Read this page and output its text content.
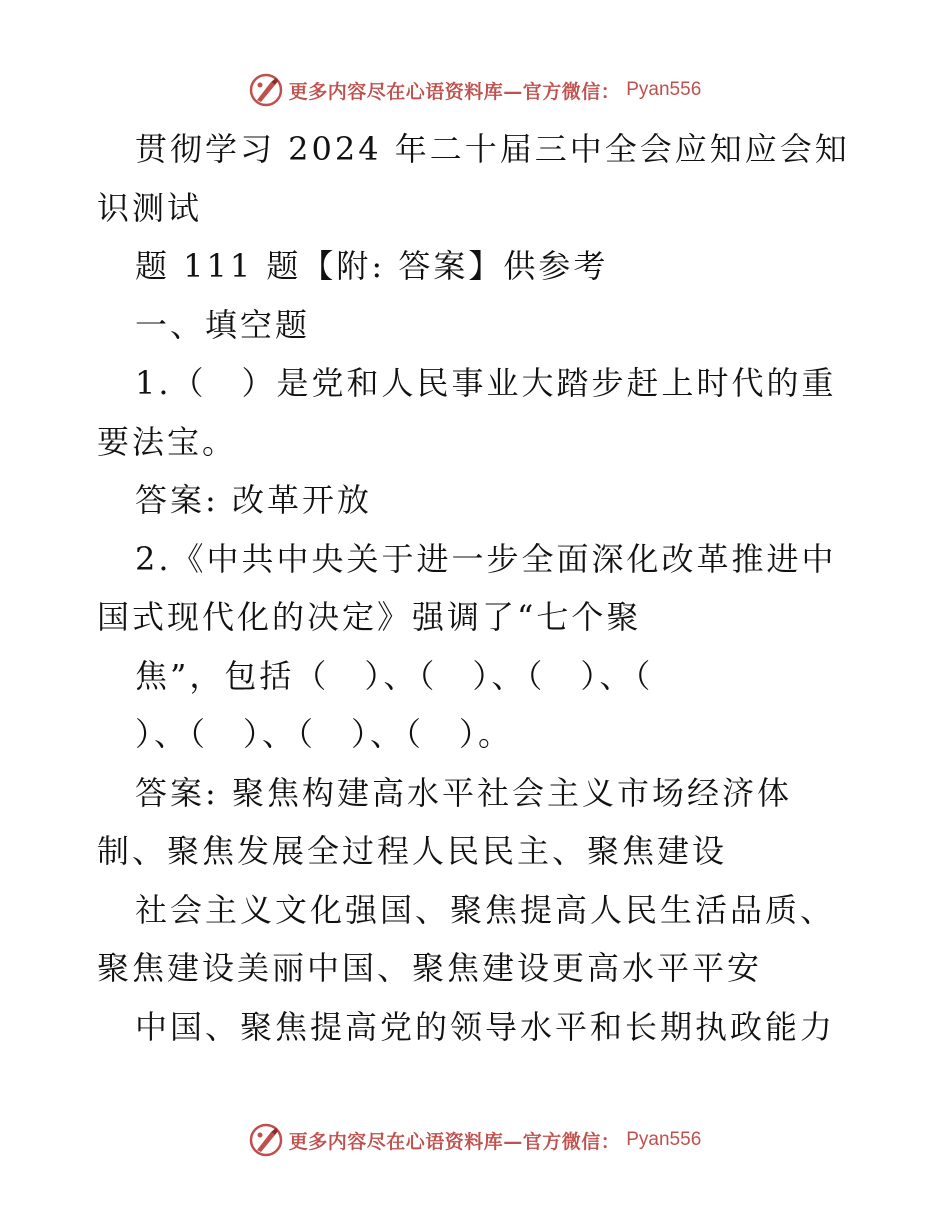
更多内容尽在心语资料库—官方微信： Pyan556

贯彻学习 2024 年二十届三中全会应知应会知识测试

题 111 题【附: 答案】供参考

一、填空题

1.（　）是党和人民事业大踏步赶上时代的重要法宝。

答案: 改革开放

2.《中共中央关于进一步全面深化改革推进中国式现代化的决定》强调了“七个聚

焦”，包括（　）、（　）、（　）、（

）、（　）、（　）、（　）。

答案: 聚焦构建高水平社会主义市场经济体制、聚焦发展全过程人民民主、聚焦建设

社会主义文化强国、聚焦提高人民生活品质、聚焦建设美丽中国、聚焦建设更高水平平安

中国、聚焦提高党的领导水平和长期执政能力

更多内容尽在心语资料库—官方微信： Pyan556
